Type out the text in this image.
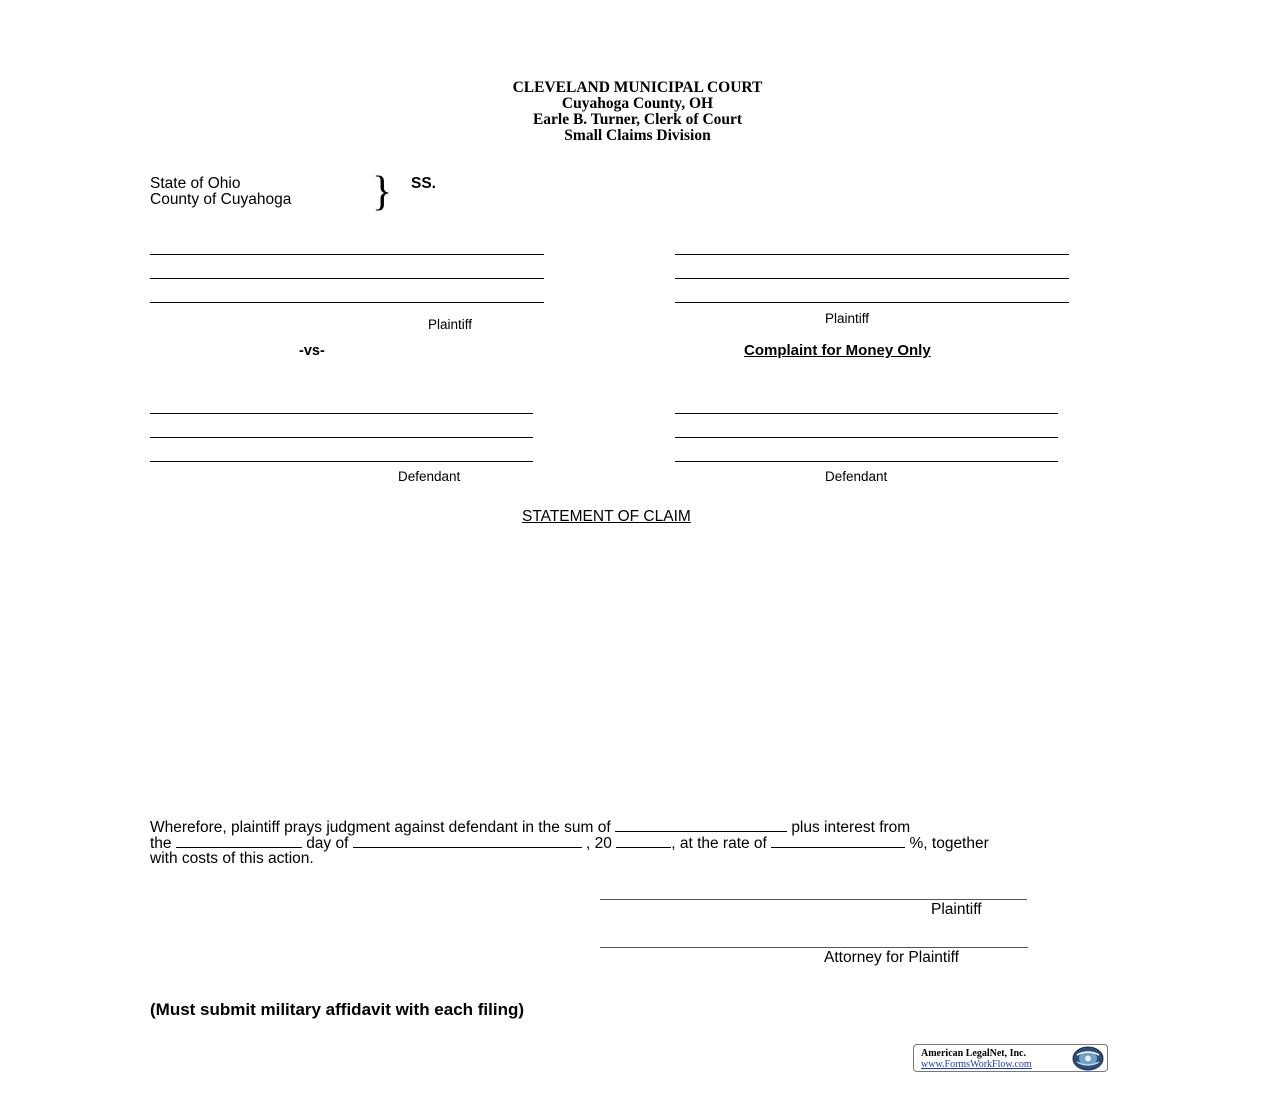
CLEVELAND MUNICIPAL COURT
Cuyahoga County, OH
Earle B. Turner, Clerk of Court
Small Claims Division
State of Ohio
County of Cuyahoga } SS.
Plaintiff
-vs-
Defendant
Plaintiff
Complaint for Money Only
Defendant
STATEMENT OF CLAIM
Wherefore, plaintiff prays judgment against defendant in the sum of	plus interest from
the	day of	, 20	, at the rate of	%, together
with costs of this action.
Plaintiff
Attorney for Plaintiff
(Must submit military affidavit with each filing)
American LegalNet, Inc.
www.FormsWorkFlow.com
